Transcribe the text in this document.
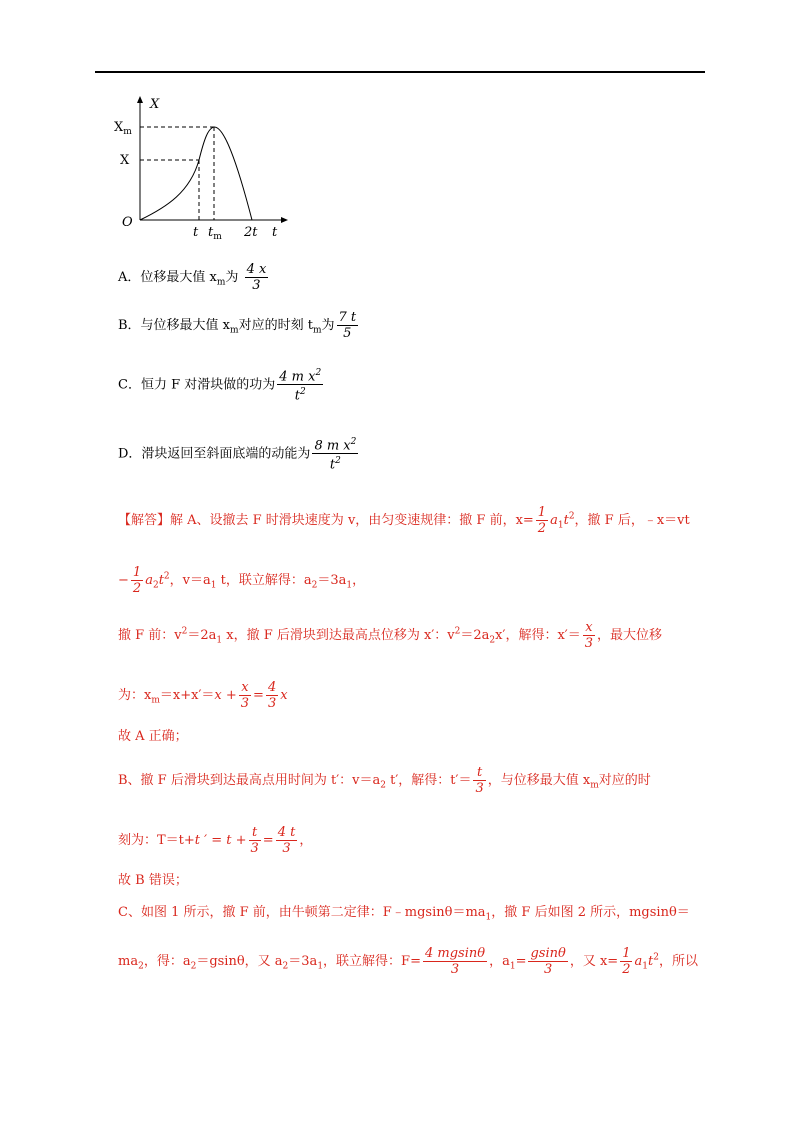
X
t
O
$X_m$
X
t $t_m$ 2t
A．位移最大值 $x_m$为 $\frac{4 x}{3}$
B．与位移最大值 $x_m$对应的时刻 $t_m$为 $\frac{7 t}{5}$
C．恒力 F 对滑块做的功为 $\frac{4 m x^2}{t^2}$
D．滑块返回至斜面底端的动能为 $\frac{8 m x^2}{t^2}$
【解答】解 A、设撤去 F 时滑块速度为 v，由匀变速规律：撤 F 前，$x= \frac{1}{2} a_1t^2$，撤 F 后，﹣x＝vt
− $\frac{1}{2} a_2t^2$，$v=a_1$ t，联立解得：$a_2=3a_1$，
撤 F 前：$v^2=2a_1$ x，撤 F 后滑块到达最高点位移为 x′：$v^2=2a_2x'$，解得：$x'= \frac{x}{3}$ ，最大位移
为：$x_m=x+x'=x + \frac{x}{3} = \frac{4}{3}$ x
故 A 正确；
B、撤 F 后滑块到达最高点用时间为 t′：$v=a_2$ t′，解得：$t'= \frac{t}{3}$ ，与位移最大值 $x_m$对应的时
刻为：T＝t+t ′ = $t + \frac{t}{3} = \frac{4 t}{3}$ ，
故 B 错误；
C、如图 1 所示，撤 F 前，由牛顿第二定律：$F﹣mgsin\theta=ma_1$，撤 F 后如图 2 所示，mgsinθ＝
$ma_2$，得：$a_2=gsin\theta$，又 $a_2=3a_1$，联立解得：$F= \frac{4 mgsin\theta}{3}$ ，$a_1= \frac{gsin\theta}{3}$ ，又 $x= \frac{1}{2} a_1t^2$，所以
